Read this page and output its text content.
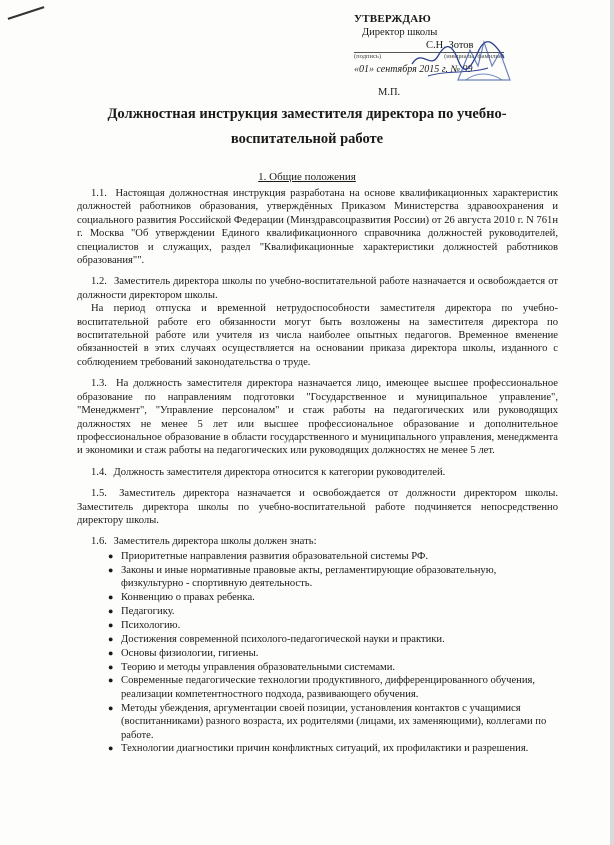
УТВЕРЖДАЮ
Директор школы
С.Н. Зотов
(подпись)	(инициалы, фамилия)
«01» сентября 2015 г. № 99
М.П.
Должностная инструкция заместителя директора по учебно-
воспитательной работе
1. Общие положения
1.1. Настоящая должностная инструкция разработана на основе квалификационных характеристик должностей работников образования, утверждённых Приказом Министерства здравоохранения и социального развития Российской Федерации (Минздравсоцразвития России) от 26 августа 2010 г. N 761н г. Москва "Об утверждении Единого квалификационного справочника должностей руководителей, специалистов и служащих, раздел "Квалификационные характеристики должностей работников образования"".
1.2. Заместитель директора школы по учебно-воспитательной работе назначается и освобождается от должности директором школы.
На период отпуска и временной нетрудоспособности заместителя директора по учебно-воспитательной работе его обязанности могут быть возложены на заместителя директора по воспитательной работе или учителя из числа наиболее опытных педагогов. Временное вменение обязанностей в этих случаях осуществляется на основании приказа директора школы, изданного с соблюдением требований законодательства о труде.
1.3. На должность заместителя директора назначается лицо, имеющее высшее профессиональное образование по направлениям подготовки "Государственное и муниципальное управление", "Менеджмент", "Управление персоналом" и стаж работы на педагогических или руководящих должностях не менее 5 лет или высшее профессиональное образование и дополнительное профессиональное образование в области государственного и муниципального управления, менеджмента и экономики и стаж работы на педагогических или руководящих должностях не менее 5 лет.
1.4. Должность заместителя директора относится к категории руководителей.
1.5. Заместитель директора назначается и освобождается от должности директором школы. Заместитель директора школы по учебно-воспитательной работе подчиняется непосредственно директору школы.
1.6. Заместитель директора школы должен знать:
● Приоритетные направления развития образовательной системы РФ.
● Законы и иные нормативные правовые акты, регламентирующие образовательную, физкультурно - спортивную деятельность.
● Конвенцию о правах ребенка.
● Педагогику.
● Психологию.
● Достижения современной психолого-педагогической науки и практики.
● Основы физиологии, гигиены.
● Теорию и методы управления образовательными системами.
● Современные педагогические технологии продуктивного, дифференцированного обучения, реализации компетентностного подхода, развивающего обучения.
● Методы убеждения, аргументации своей позиции, установления контактов с учащимися (воспитанниками) разного возраста, их родителями (лицами, их заменяющими), коллегами по работе.
● Технологии диагностики причин конфликтных ситуаций, их профилактики и разрешения.
